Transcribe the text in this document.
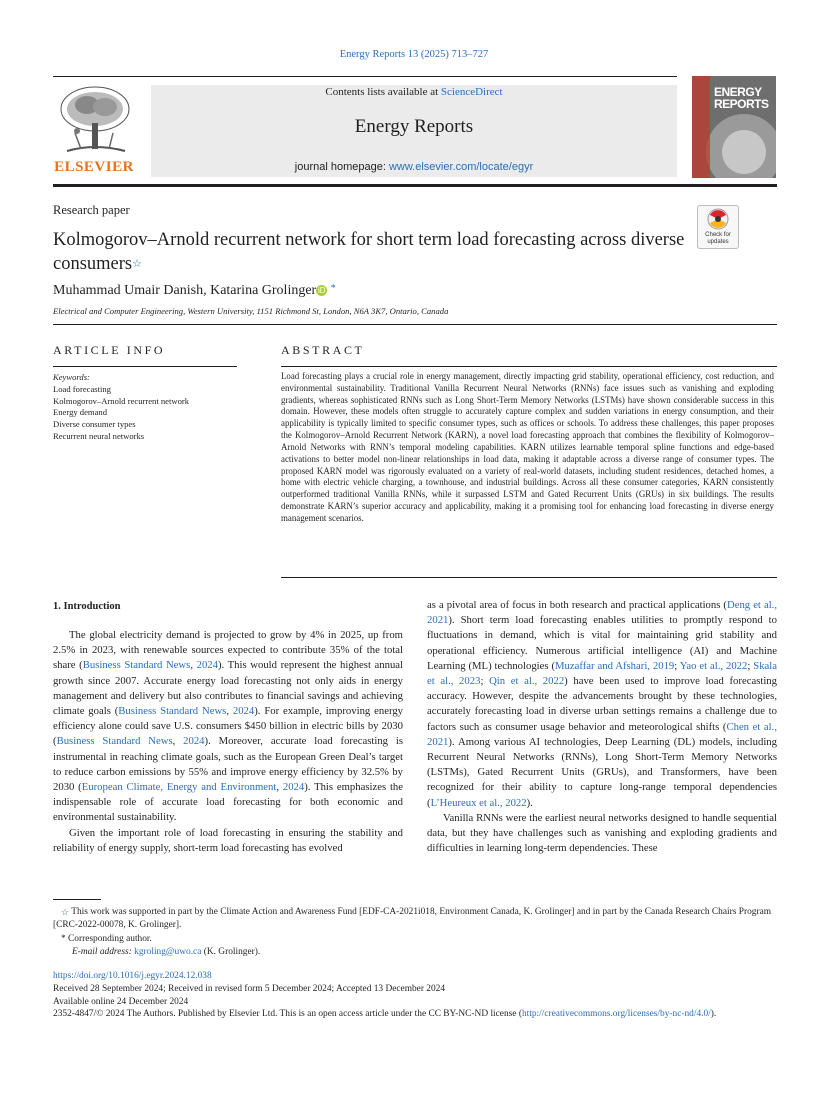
Energy Reports 13 (2025) 713–727
ELSEVIER
Contents lists available at ScienceDirect
Energy Reports
journal homepage: www.elsevier.com/locate/egyr
ENERGY
REPORTS
Research paper
Kolmogorov–Arnold recurrent network for short term load forecasting across diverse consumers☆
Check for
updates
Muhammad Umair Danish, Katarina Grolinger iD *
Electrical and Computer Engineering, Western University, 1151 Richmond St, London, N6A 3K7, Ontario, Canada
ARTICLE INFO
Keywords:
Load forecasting
Kolmogorov–Arnold recurrent network
Energy demand
Diverse consumer types
Recurrent neural networks
ABSTRACT
Load forecasting plays a crucial role in energy management, directly impacting grid stability, operational efficiency, cost reduction, and environmental sustainability. Traditional Vanilla Recurrent Neural Networks (RNNs) face issues such as vanishing and exploding gradients, whereas sophisticated RNNs such as Long Short-Term Memory Networks (LSTMs) have shown considerable success in this domain. However, these models often struggle to accurately capture complex and sudden variations in energy consumption, and their applicability is typically limited to specific consumer types, such as offices or schools. To address these challenges, this paper proposes the Kolmogorov–Arnold Recurrent Network (KARN), a novel load forecasting approach that combines the flexibility of Kolmogorov–Arnold Networks with RNN’s temporal modeling capabilities. KARN utilizes learnable temporal spline functions and edge-based activations to better model non-linear relationships in load data, making it adaptable across a diverse range of consumer types. The proposed KARN model was rigorously evaluated on a variety of real-world datasets, including student residences, detached homes, a home with electric vehicle charging, a townhouse, and industrial buildings. Across all these consumer categories, KARN consistently outperformed traditional Vanilla RNNs, while it surpassed LSTM and Gated Recurrent Units (GRUs) in six buildings. The results demonstrate KARN’s superior accuracy and applicability, making it a promising tool for enhancing load forecasting in diverse energy management scenarios.
1. Introduction

The global electricity demand is projected to grow by 4% in 2025, up from 2.5% in 2023, with renewable sources expected to contribute 35% of the total share (Business Standard News, 2024). This would represent the highest annual growth since 2007. Accurate energy load forecasting not only aids in energy management and delivery but also contributes to financial savings and achieving climate goals (Business Standard News, 2024). For example, improving energy efficiency alone could save U.S. consumers $450 billion in electric bills by 2030 (Business Standard News, 2024). Moreover, accurate load forecasting is instrumental in reaching climate goals, such as the European Green Deal’s target to reduce carbon emissions by 55% and improve energy efficiency by 32.5% by 2030 (European Climate, Energy and Environment, 2024). This emphasizes the indispensable role of accurate load forecasting for both economic and environmental sustainability.

Given the important role of load forecasting in ensuring the stability and reliability of energy supply, short-term load forecasting has evolved

as a pivotal area of focus in both research and practical applications (Deng et al., 2021). Short term load forecasting enables utilities to promptly respond to fluctuations in demand, which is vital for maintaining grid stability and operational efficiency. Numerous artificial intelligence (AI) and Machine Learning (ML) technologies (Muzaffar and Afshari, 2019; Yao et al., 2022; Skala et al., 2023; Qin et al., 2022) have been used to improve load forecasting accuracy. However, despite the advancements brought by these technologies, accurately forecasting load in diverse urban settings remains a challenge due to factors such as consumer usage behavior and meteorological shifts (Chen et al., 2021). Among various AI technologies, Deep Learning (DL) models, including Recurrent Neural Networks (RNNs), Long Short-Term Memory Networks (LSTMs), Gated Recurrent Units (GRUs), and Transformers, have been recognized for their ability to capture long-range temporal dependencies (L’Heureux et al., 2022).

Vanilla RNNs were the earliest neural networks designed to handle sequential data, but they have challenges such as vanishing and exploding gradients and difficulties in learning long-term dependencies. These

☆ This work was supported in part by the Climate Action and Awareness Fund [EDF-CA-2021i018, Environment Canada, K. Grolinger] and in part by the Canada Research Chairs Program [CRC-2022-00078, K. Grolinger].
* Corresponding author.
E-mail address: kgroling@uwo.ca (K. Grolinger).
https://doi.org/10.1016/j.egyr.2024.12.038
Received 28 September 2024; Received in revised form 5 December 2024; Accepted 13 December 2024
Available online 24 December 2024
2352-4847/© 2024 The Authors. Published by Elsevier Ltd. This is an open access article under the CC BY-NC-ND license (http://creativecommons.org/licenses/by-nc-nd/4.0/).
